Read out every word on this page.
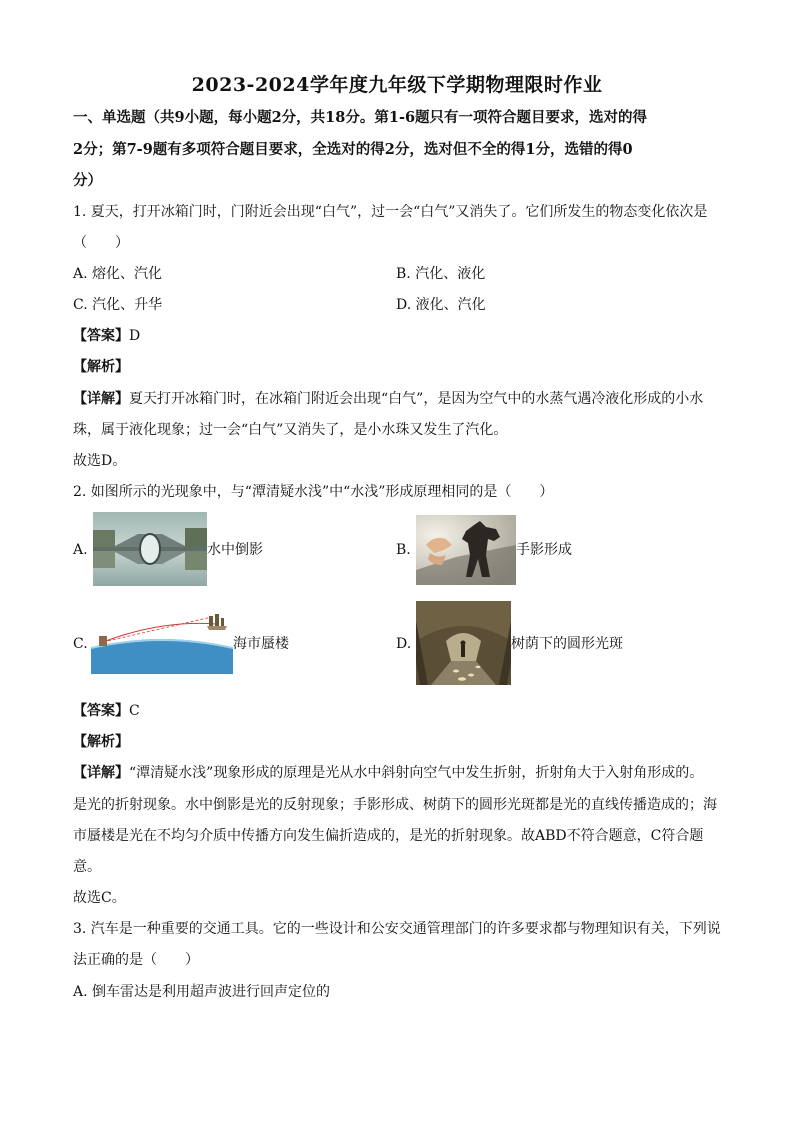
2023-2024学年度九年级下学期物理限时作业
一、单选题（共9小题，每小题2分，共18分。第1-6题只有一项符合题目要求，选对的得
2分；第7-9题有多项符合题目要求，全选对的得2分，选对但不全的得1分，选错的得0
分）
1. 夏天，打开冰箱门时，门附近会出现“白气”，过一会“白气”又消失了。它们所发生的物态变化依次是
（　　）
A. 熔化、汽化	B. 汽化、液化
C. 汽化、升华	D. 液化、汽化
【答案】D
【解析】
【详解】夏天打开冰箱门时，在冰箱门附近会出现“白气”，是因为空气中的水蒸气遇冷液化形成的小水
珠，属于液化现象；过一会“白气”又消失了，是小水珠又发生了汽化。
故选D。
2. 如图所示的光现象中，与“潭清疑水浅”中“水浅”形成原理相同的是（　　）
A.	水中倒影	B.	手影形成
C.	海市蜃楼	D.	树荫下的圆形光斑
【答案】C
【解析】
【详解】“潭清疑水浅”现象形成的原理是光从水中斜射向空气中发生折射，折射角大于入射角形成的。
是光的折射现象。水中倒影是光的反射现象；手影形成、树荫下的圆形光斑都是光的直线传播造成的；海
市蜃楼是光在不均匀介质中传播方向发生偏折造成的，是光的折射现象。故ABD不符合题意，C符合题
意。
故选C。
3. 汽车是一种重要的交通工具。它的一些设计和公安交通管理部门的许多要求都与物理知识有关，下列说
法正确的是（　　）
A. 倒车雷达是利用超声波进行回声定位的
